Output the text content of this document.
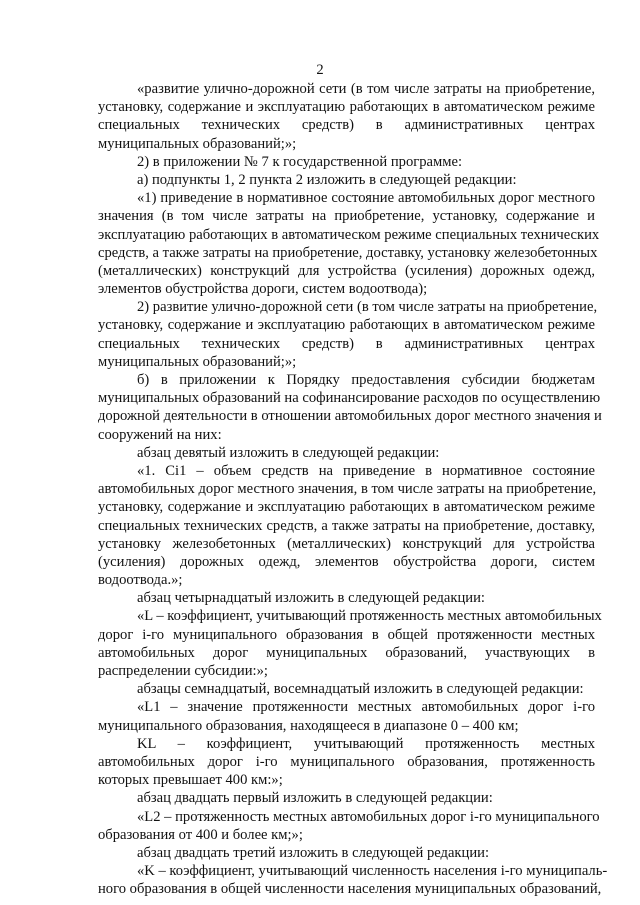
2
«развитие улично-дорожной сети (в том числе затраты на приобретение,
установку, содержание и эксплуатацию работающих в автоматическом режиме
специальных технических средств) в административных центрах
муниципальных образований;»;
2) в приложении № 7 к государственной программе:
а) подпункты 1, 2 пункта 2 изложить в следующей редакции:
«1) приведение в нормативное состояние автомобильных дорог местного
значения (в том числе затраты на приобретение, установку, содержание и
эксплуатацию работающих в автоматическом режиме специальных технических
средств, а также затраты на приобретение, доставку, установку железобетонных
(металлических) конструкций для устройства (усиления) дорожных одежд,
элементов обустройства дороги, систем водоотвода);
2) развитие улично-дорожной сети (в том числе затраты на приобретение,
установку, содержание и эксплуатацию работающих в автоматическом режиме
специальных технических средств) в административных центрах
муниципальных образований;»;
б) в приложении к Порядку предоставления субсидии бюджетам
муниципальных образований на софинансирование расходов по осуществлению
дорожной деятельности в отношении автомобильных дорог местного значения и
сооружений на них:
абзац девятый изложить в следующей редакции:
«1. Ci1 – объем средств на приведение в нормативное состояние
автомобильных дорог местного значения, в том числе затраты на приобретение,
установку, содержание и эксплуатацию работающих в автоматическом режиме
специальных технических средств, а также затраты на приобретение, доставку,
установку железобетонных (металлических) конструкций для устройства
(усиления) дорожных одежд, элементов обустройства дороги, систем
водоотвода.»;
абзац четырнадцатый изложить в следующей редакции:
«L – коэффициент, учитывающий протяженность местных автомобильных
дорог i-го муниципального образования в общей протяженности местных
автомобильных дорог муниципальных образований, участвующих в
распределении субсидии:»;
абзацы семнадцатый, восемнадцатый изложить в следующей редакции:
«L1 – значение протяженности местных автомобильных дорог i-го
муниципального образования, находящееся в диапазоне 0 – 400 км;
KL – коэффициент, учитывающий протяженность местных
автомобильных дорог i-го муниципального образования, протяженность
которых превышает 400 км:»;
абзац двадцать первый изложить в следующей редакции:
«L2 – протяженность местных автомобильных дорог i-го муниципального
образования от 400 и более км;»;
абзац двадцать третий изложить в следующей редакции:
«K – коэффициент, учитывающий численность населения i-го муниципаль-
ного образования в общей численности населения муниципальных образований,
